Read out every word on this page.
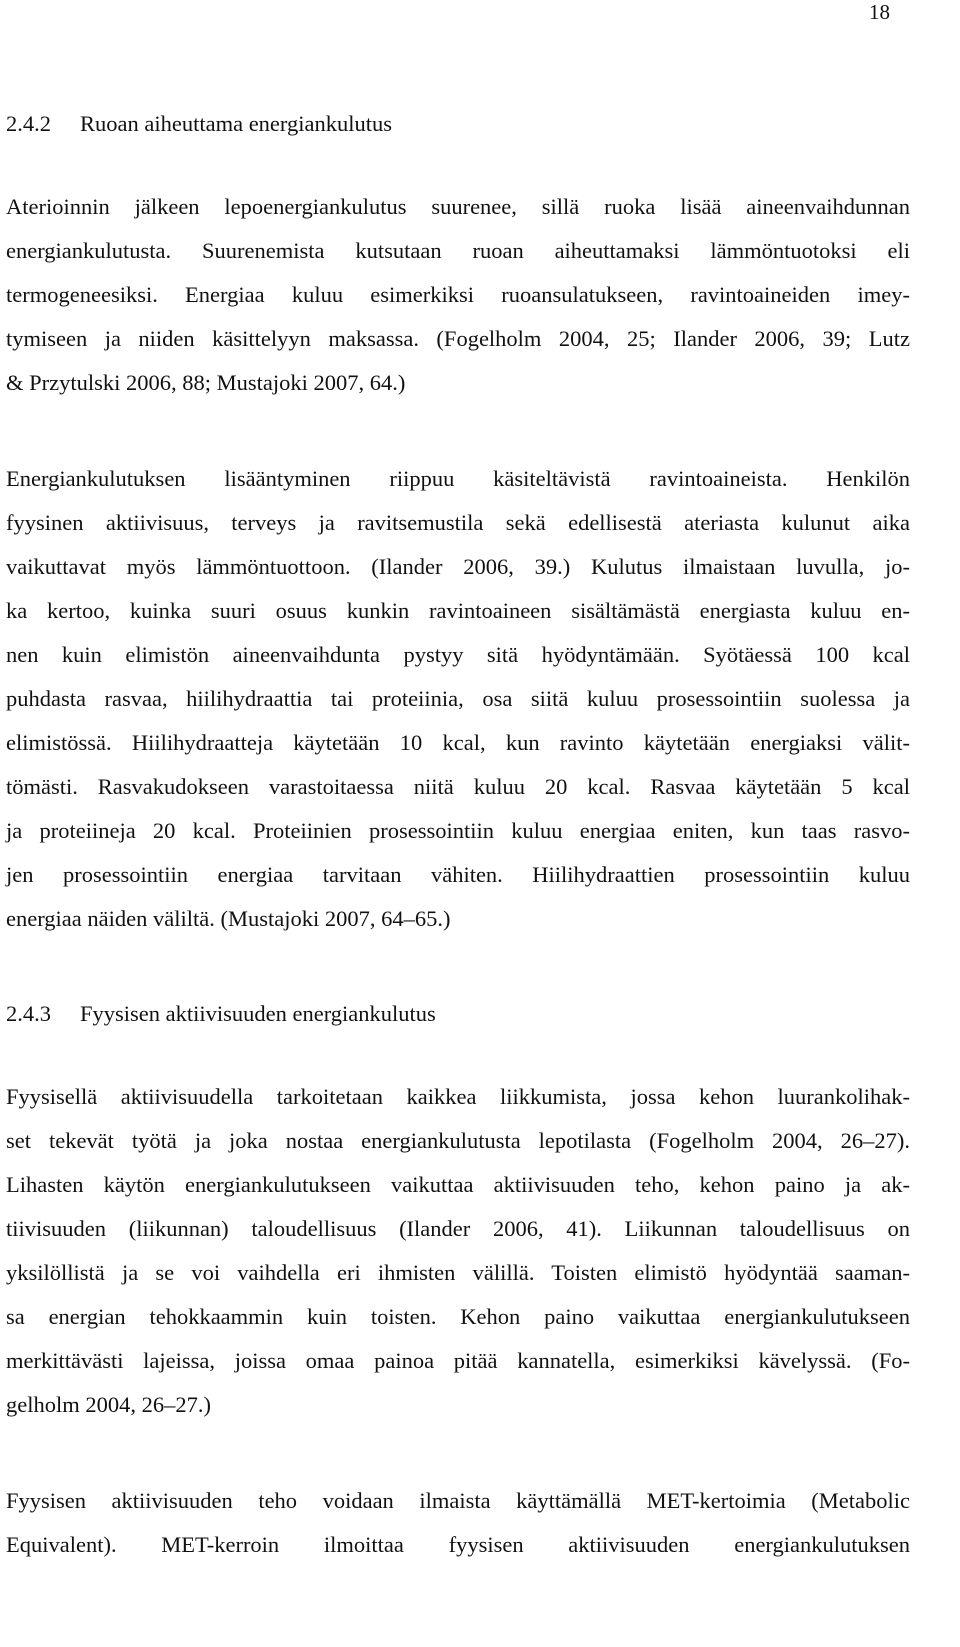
18
2.4.2 Ruoan aiheuttama energiankulutus
Aterioinnin jälkeen lepoenergiankulutus suurenee, sillä ruoka lisää aineenvaihdunnan
energiankulutusta. Suurenemista kutsutaan ruoan aiheuttamaksi lämmöntuotoksi eli
termogeneesiksi. Energiaa kuluu esimerkiksi ruoansulatukseen, ravintoaineiden imey-
tymiseen ja niiden käsittelyyn maksassa. (Fogelholm 2004, 25; Ilander 2006, 39; Lutz
& Przytulski 2006, 88; Mustajoki 2007, 64.)
Energiankulutuksen lisääntyminen riippuu käsiteltävistä ravintoaineista. Henkilön
fyysinen aktiivisuus, terveys ja ravitsemustila sekä edellisestä ateriasta kulunut aika
vaikuttavat myös lämmöntuottoon. (Ilander 2006, 39.) Kulutus ilmaistaan luvulla, jo-
ka kertoo, kuinka suuri osuus kunkin ravintoaineen sisältämästä energiasta kuluu en-
nen kuin elimistön aineenvaihdunta pystyy sitä hyödyntämään. Syötäessä 100 kcal
puhdasta rasvaa, hiilihydraattia tai proteiinia, osa siitä kuluu prosessointiin suolessa ja
elimistössä. Hiilihydraatteja käytetään 10 kcal, kun ravinto käytetään energiaksi välit-
tömästi. Rasvakudokseen varastoitaessa niitä kuluu 20 kcal. Rasvaa käytetään 5 kcal
ja proteiineja 20 kcal. Proteiinien prosessointiin kuluu energiaa eniten, kun taas rasvo-
jen prosessointiin energiaa tarvitaan vähiten. Hiilihydraattien prosessointiin kuluu
energiaa näiden väliltä. (Mustajoki 2007, 64–65.)
2.4.3 Fyysisen aktiivisuuden energiankulutus
Fyysisellä aktiivisuudella tarkoitetaan kaikkea liikkumista, jossa kehon luurankolihak-
set tekevät työtä ja joka nostaa energiankulutusta lepotilasta (Fogelholm 2004, 26–27).
Lihasten käytön energiankulutukseen vaikuttaa aktiivisuuden teho, kehon paino ja ak-
tiivisuuden (liikunnan) taloudellisuus (Ilander 2006, 41). Liikunnan taloudellisuus on
yksilöllistä ja se voi vaihdella eri ihmisten välillä. Toisten elimistö hyödyntää saaman-
sa energian tehokkaammin kuin toisten. Kehon paino vaikuttaa energiankulutukseen
merkittävästi lajeissa, joissa omaa painoa pitää kannatella, esimerkiksi kävelyssä. (Fo-
gelholm 2004, 26–27.)
Fyysisen aktiivisuuden teho voidaan ilmaista käyttämällä MET-kertoimia (Metabolic
Equivalent). MET-kerroin ilmoittaa fyysisen aktiivisuuden energiankulutuksen
